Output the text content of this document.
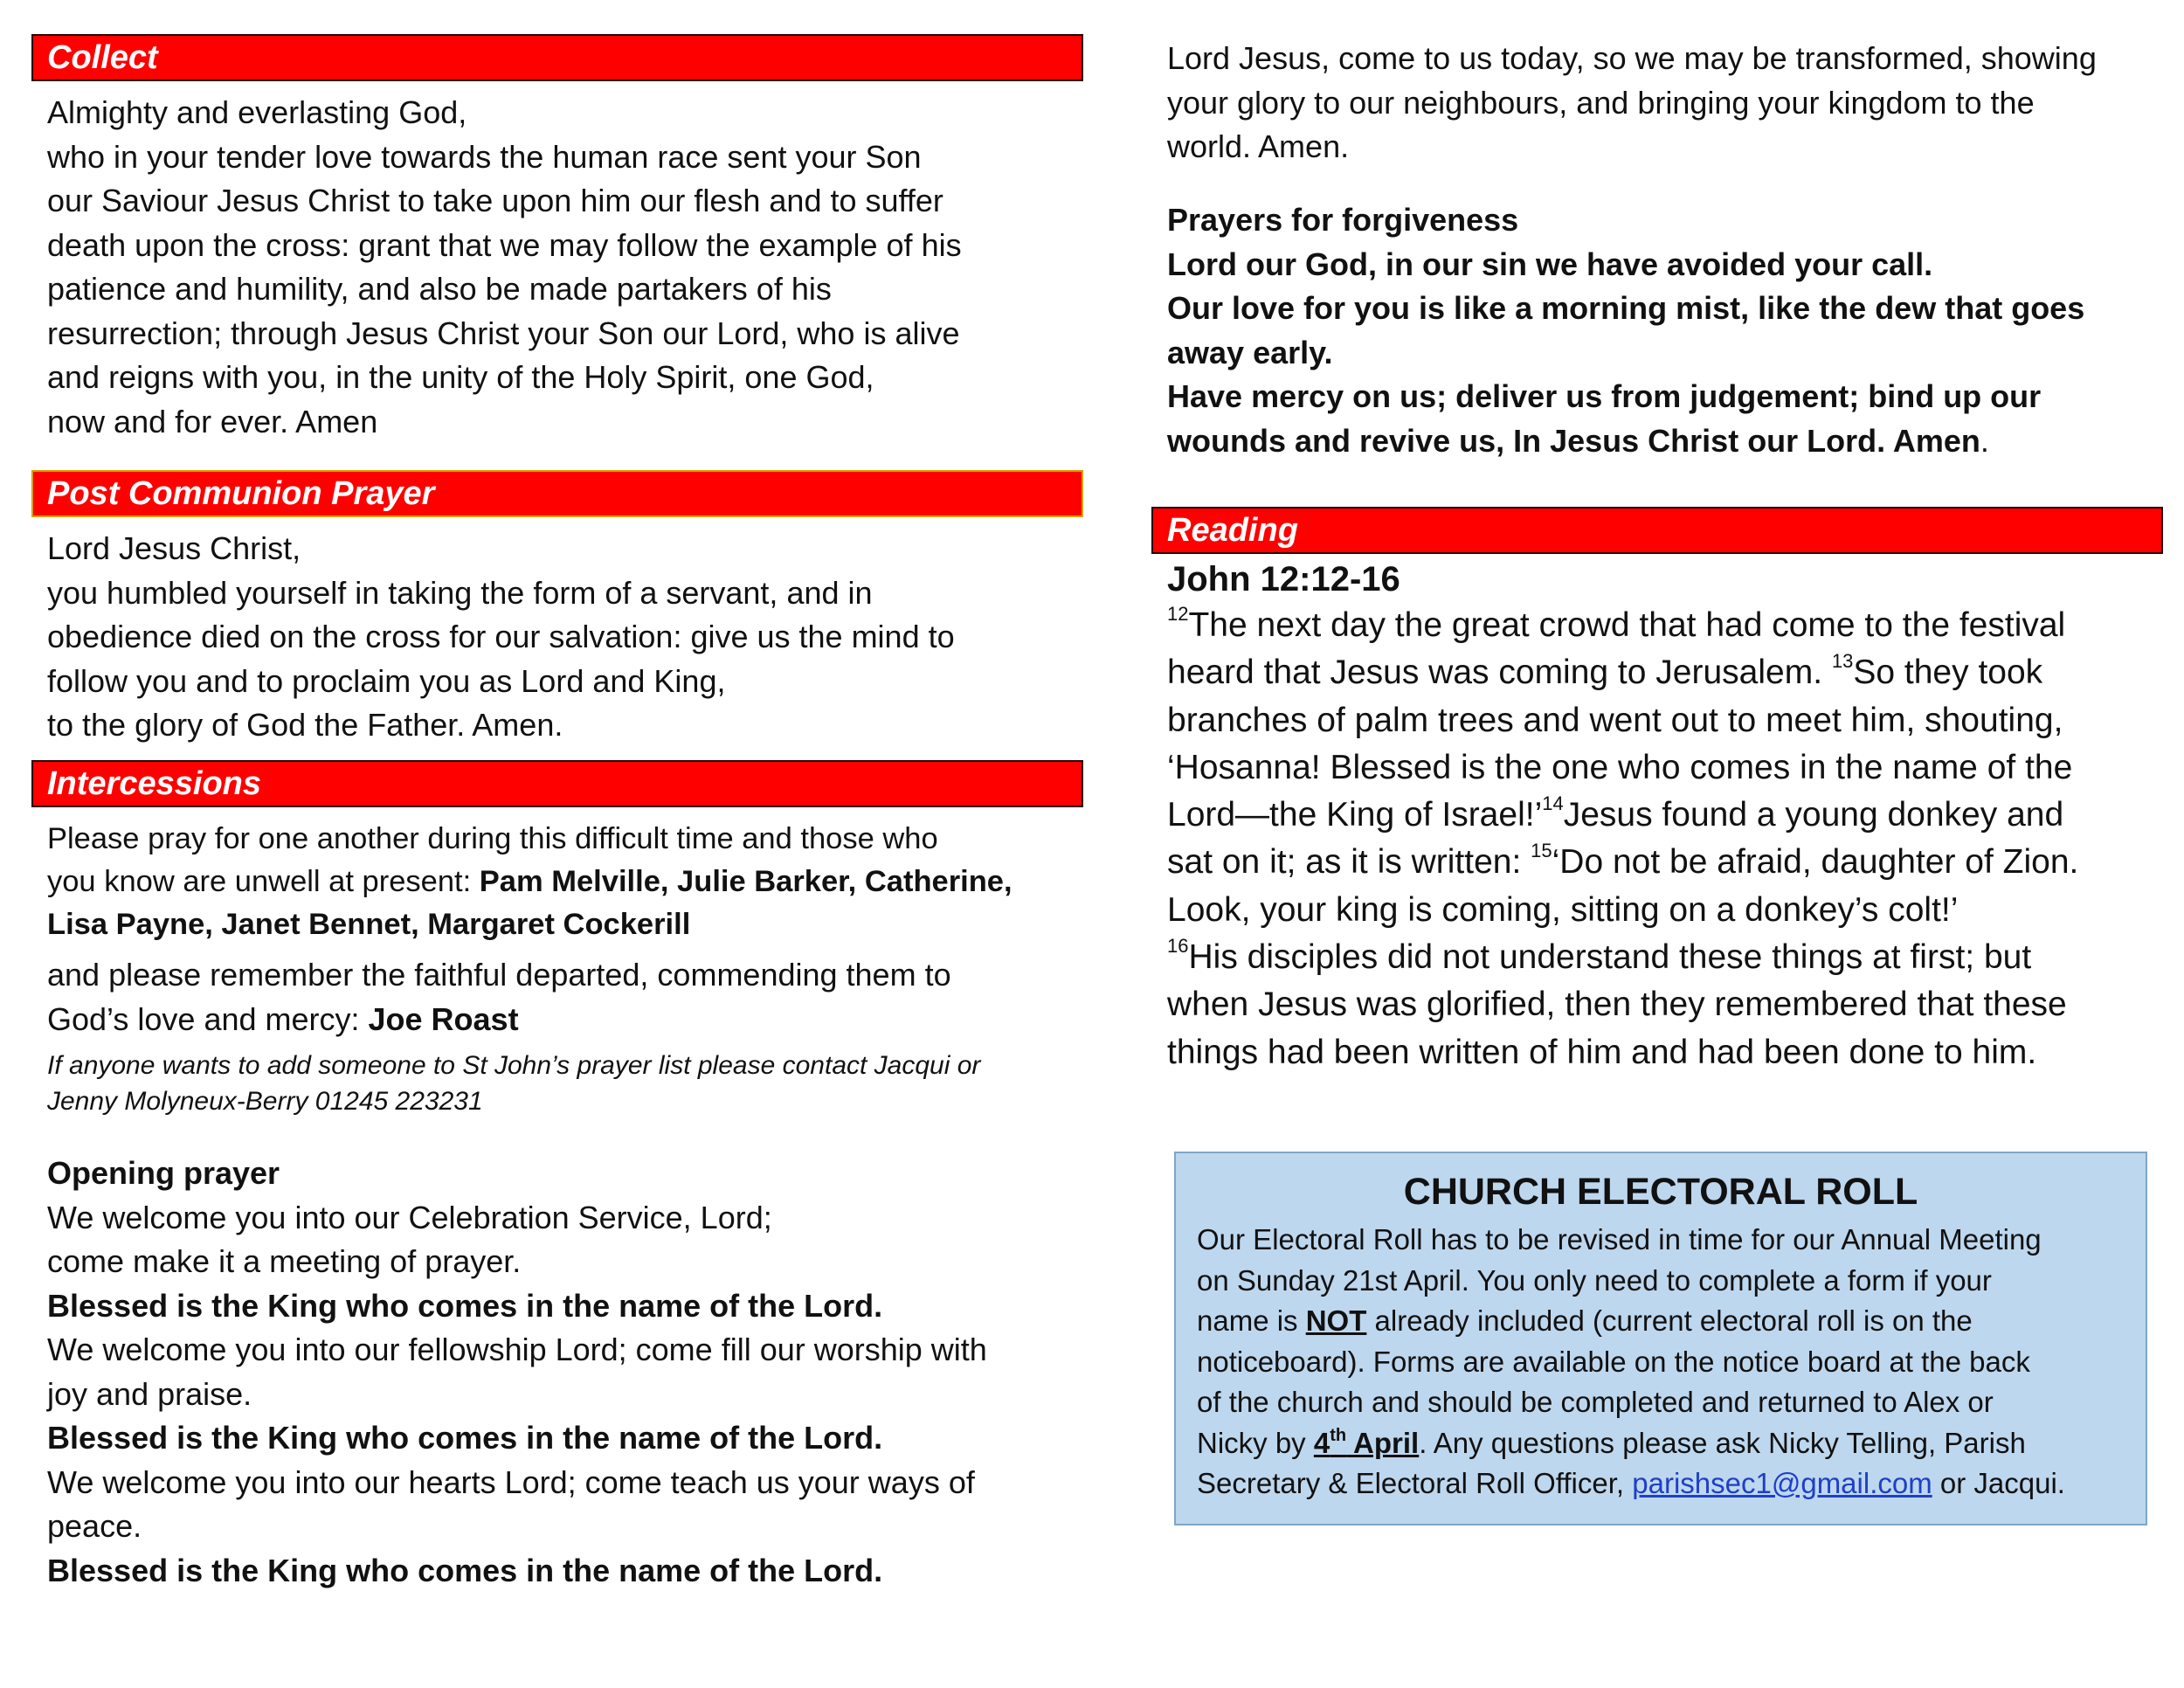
Collect

Almighty and everlasting God,

who in your tender love towards the human race sent your Son

our Saviour Jesus Christ to take upon him our flesh and to suffer

death upon the cross: grant that we may follow the example of his

patience and humility, and also be made partakers of his

resurrection; through Jesus Christ your Son our Lord, who is alive

and reigns with you, in the unity of the Holy Spirit, one God,

now and for ever. Amen

Post Communion Prayer

Lord Jesus Christ,

you humbled yourself in taking the form of a servant, and in

obedience died on the cross for our salvation: give us the mind to

follow you and to proclaim you as Lord and King,

to the glory of God the Father. Amen.

Intercessions

Please pray for one another during this difficult time and those who

you know are unwell at present: Pam Melville, Julie Barker, Catherine,

Lisa Payne, Janet Bennet, Margaret Cockerill

and please remember the faithful departed, commending them to

God’s love and mercy: Joe Roast

If anyone wants to add someone to St John’s prayer list please contact Jacqui or

Jenny Molyneux-Berry 01245 223231

Opening prayer

We welcome you into our Celebration Service, Lord;

come make it a meeting of prayer.

Blessed is the King who comes in the name of the Lord.

We welcome you into our fellowship Lord; come fill our worship with

joy and praise.

Blessed is the King who comes in the name of the Lord.

We welcome you into our hearts Lord; come teach us your ways of

peace.

Blessed is the King who comes in the name of the Lord.

Lord Jesus, come to us today, so we may be transformed, showing

your glory to our neighbours, and bringing your kingdom to the

world. Amen.

Prayers for forgiveness

Lord our God, in our sin we have avoided your call.

Our love for you is like a morning mist, like the dew that goes

away early.

Have mercy on us; deliver us from judgement; bind up our

wounds and revive us, In Jesus Christ our Lord. Amen.

Reading

John 12:12-16

$^{12}$The next day the great crowd that had come to the festival

heard that Jesus was coming to Jerusalem. $^{13}$So they took

branches of palm trees and went out to meet him, shouting,

‘Hosanna! Blessed is the one who comes in the name of the

Lord—the King of Israel!’$^{14}$Jesus found a young donkey and

sat on it; as it is written: $^{15}$‘Do not be afraid, daughter of Zion.

Look, your king is coming, sitting on a donkey’s colt!’

$^{16}$His disciples did not understand these things at first; but

when Jesus was glorified, then they remembered that these

things had been written of him and had been done to him.

CHURCH ELECTORAL ROLL
Our Electoral Roll has to be revised in time for our Annual Meeting
on Sunday 21st April. You only need to complete a form if your
name is NOT already included (current electoral roll is on the
noticeboard). Forms are available on the notice board at the back
of the church and should be completed and returned to Alex or
Nicky by 4th April. Any questions please ask Nicky Telling, Parish
Secretary & Electoral Roll Officer, parishsec1@gmail.com or Jacqui.
